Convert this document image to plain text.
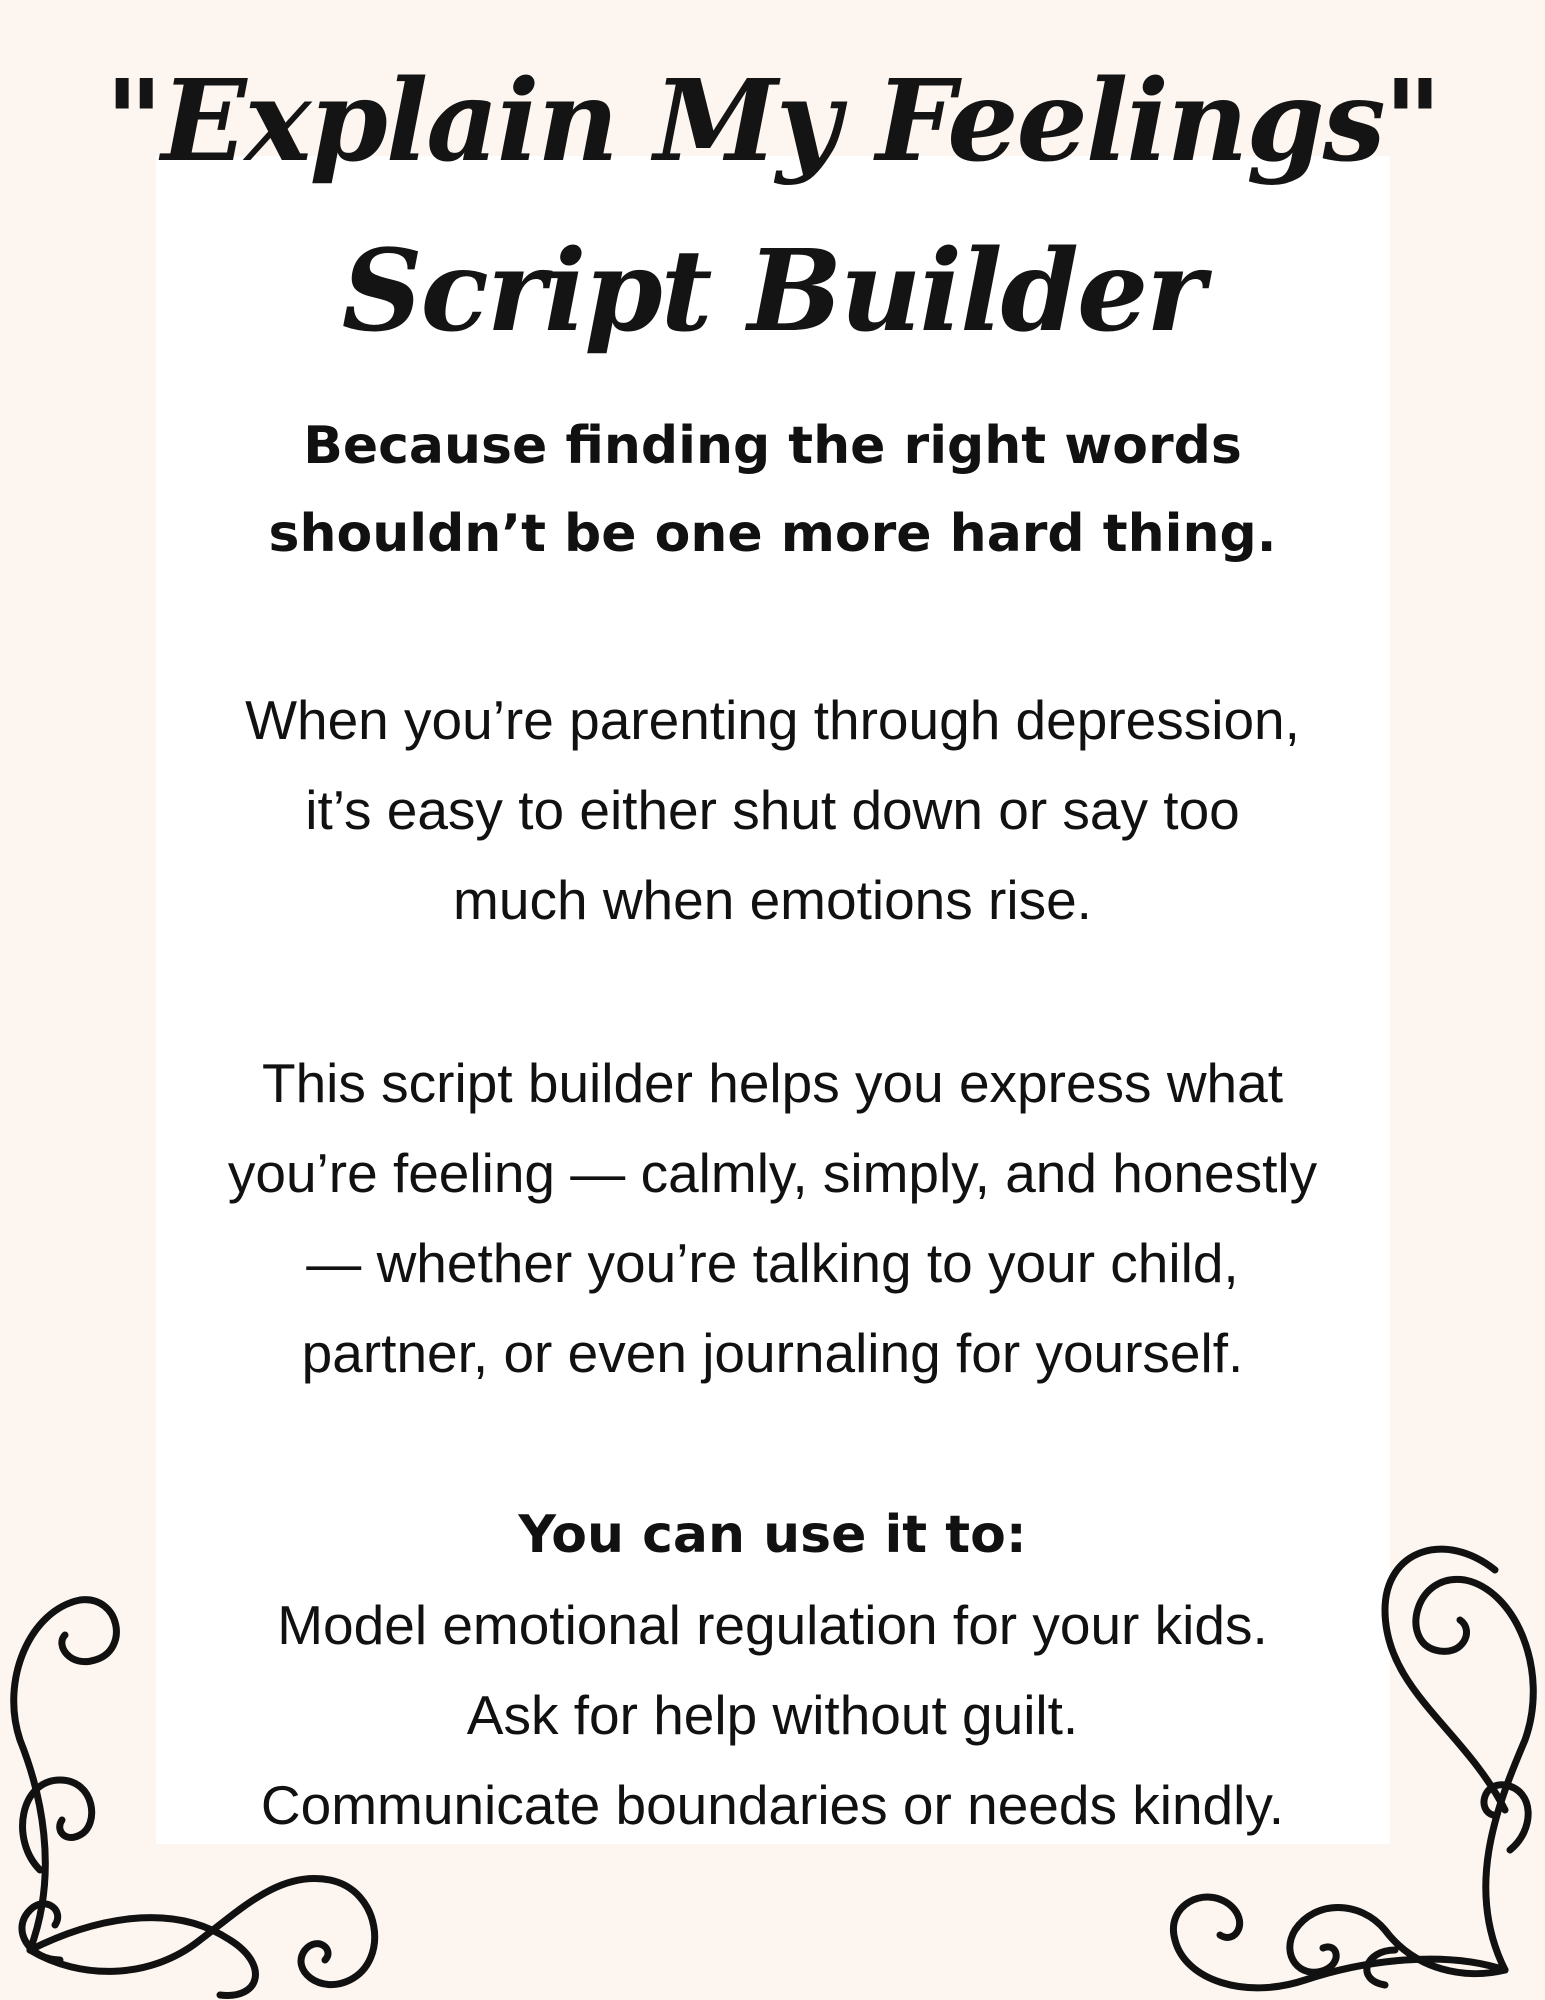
"Explain My Feelings"
Script Builder

Because finding the right words

shouldn’t be one more hard thing.

When you’re parenting through depression,

it’s easy to either shut down or say too

much when emotions rise.

This script builder helps you express what

you’re feeling — calmly, simply, and honestly

— whether you’re talking to your child,

partner, or even journaling for yourself.

You can use it to:

Model emotional regulation for your kids.

Ask for help without guilt.

Communicate boundaries or needs kindly.
